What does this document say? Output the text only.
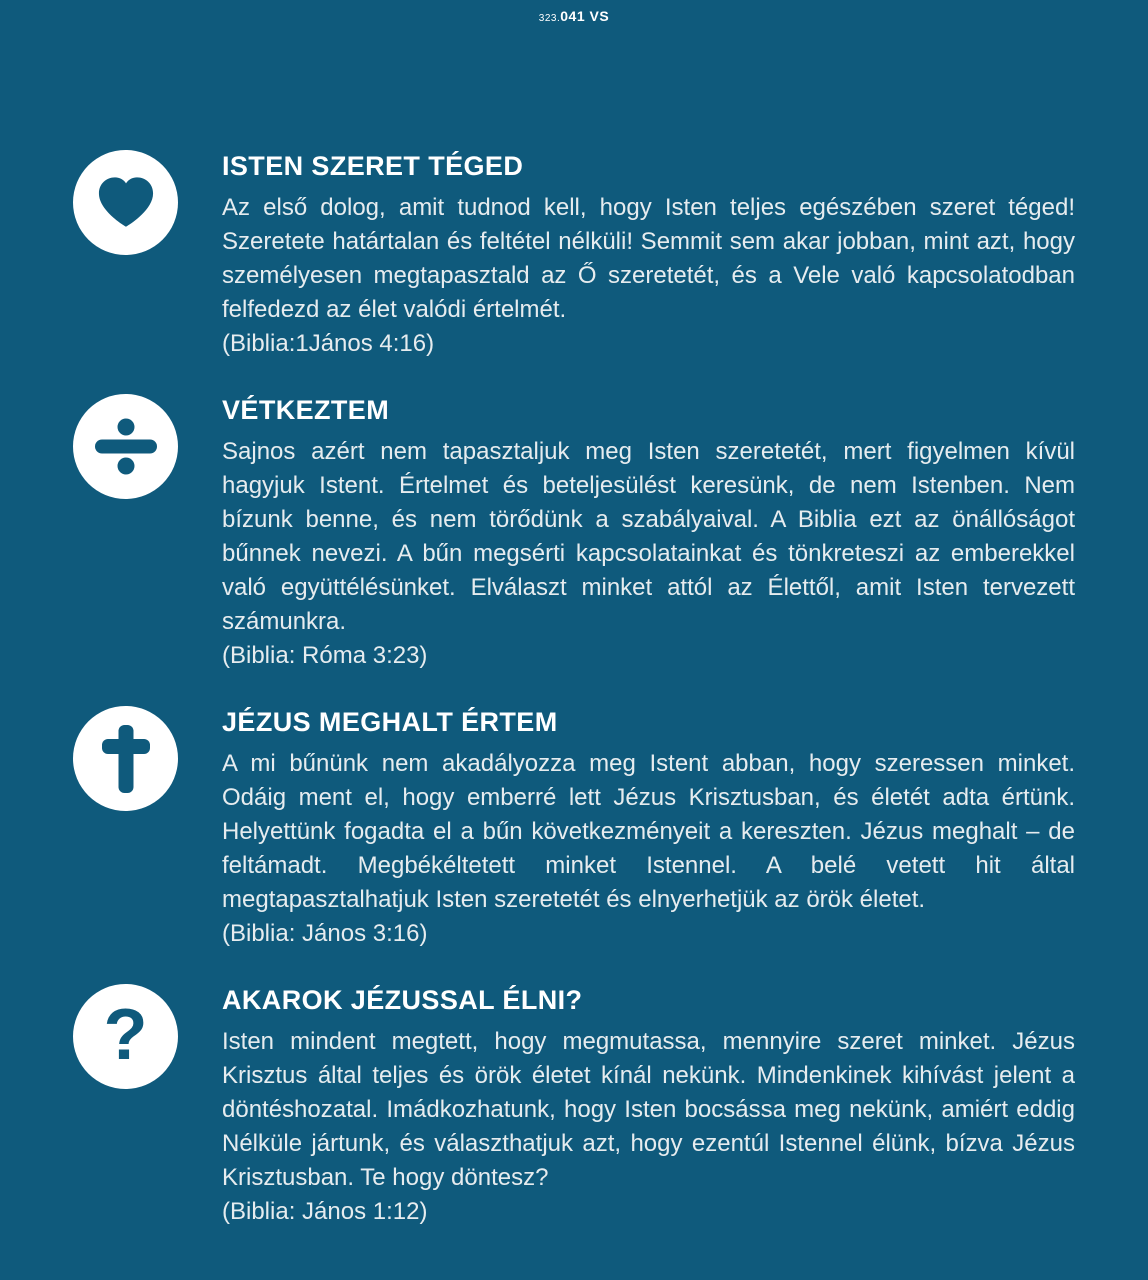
323.041 VS
ISTEN SZERET TÉGED

Az első dolog, amit tudnod kell, hogy Isten teljes egészében szeret téged! Szeretete határtalan és feltétel nélküli! Semmit sem akar jobban, mint azt, hogy személyesen megtapasztald az Ő szeretetét, és a Vele való kapcsolatodban felfedezd az élet valódi értelmét.

(Biblia:1János 4:16)

VÉTKEZTEM

Sajnos azért nem tapasztaljuk meg Isten szeretetét, mert figyelmen kívül hagyjuk Istent. Értelmet és beteljesülést keresünk, de nem Istenben. Nem bízunk benne, és nem törődünk a szabályaival. A Biblia ezt az önállóságot bűnnek nevezi. A bűn megsérti kapcsolatainkat és tönkreteszi az emberekkel való együttélésünket. Elválaszt minket attól az Élettől, amit Isten tervezett számunkra.

(Biblia: Róma 3:23)

JÉZUS MEGHALT ÉRTEM

A mi bűnünk nem akadályozza meg Istent abban, hogy szeressen minket. Odáig ment el, hogy emberré lett Jézus Krisztusban, és életét adta értünk. Helyettünk fogadta el a bűn következményeit a kereszten. Jézus meghalt – de feltámadt. Megbékéltetett minket Istennel. A belé vetett hit által megtapasztalhatjuk Isten szeretetét és elnyerhetjük az örök életet.

(Biblia: János 3:16)

?	AKAROK JÉZUSSAL ÉLNI?

Isten mindent megtett, hogy megmutassa, mennyire szeret minket. Jézus Krisztus által teljes és örök életet kínál nekünk. Mindenkinek kihívást jelent a döntéshozatal. Imádkozhatunk, hogy Isten bocsássa meg nekünk, amiért eddig Nélküle jártunk, és választhatjuk azt, hogy ezentúl Istennel élünk, bízva Jézus Krisztusban. Te hogy döntesz?

(Biblia: János 1:12)
